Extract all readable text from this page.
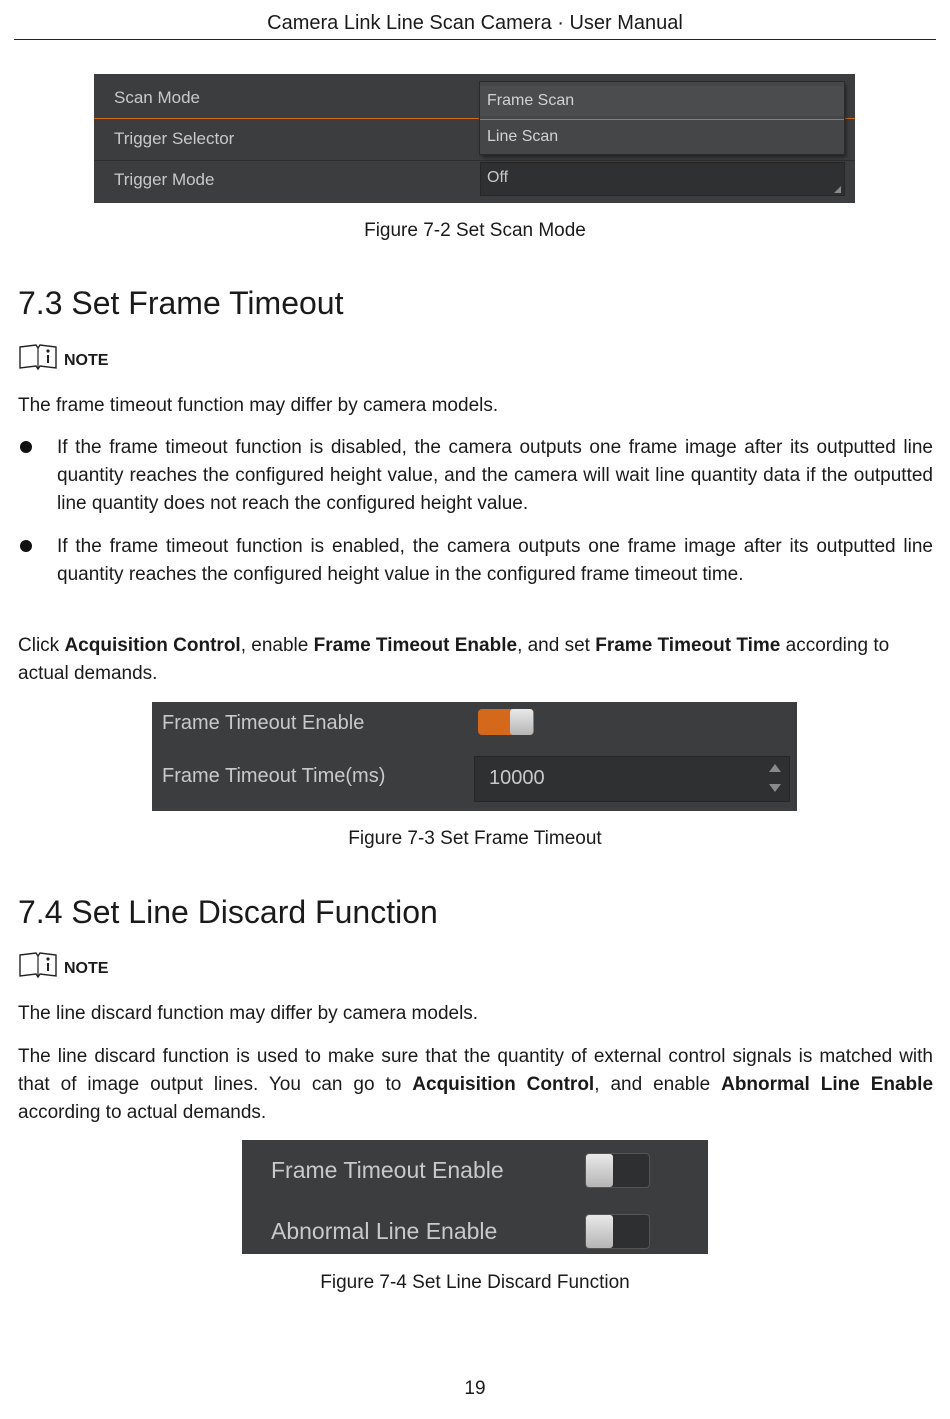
Camera Link Line Scan Camera · User Manual
Scan Mode
Trigger Selector
Trigger Mode	Off
Frame Scan
Line Scan
Figure 7-2 Set Scan Mode
7.3 Set Frame Timeout
NOTE
The frame timeout function may differ by camera models.
If the frame timeout function is disabled, the camera outputs one frame image after its outputted line quantity reaches the configured height value, and the camera will wait line quantity data if the outputted line quantity does not reach the configured height value.
If the frame timeout function is enabled, the camera outputs one frame image after its outputted line quantity reaches the configured height value in the configured frame timeout time.
Click Acquisition Control, enable Frame Timeout Enable, and set Frame Timeout Time according to actual demands.
Frame Timeout Enable
Frame Timeout Time(ms)	10000
Figure 7-3 Set Frame Timeout
7.4 Set Line Discard Function
NOTE
The line discard function may differ by camera models.
The line discard function is used to make sure that the quantity of external control signals is matched with that of image output lines. You can go to Acquisition Control, and enable Abnormal Line Enable according to actual demands.
Frame Timeout Enable
Abnormal Line Enable
Figure 7-4 Set Line Discard Function
19
